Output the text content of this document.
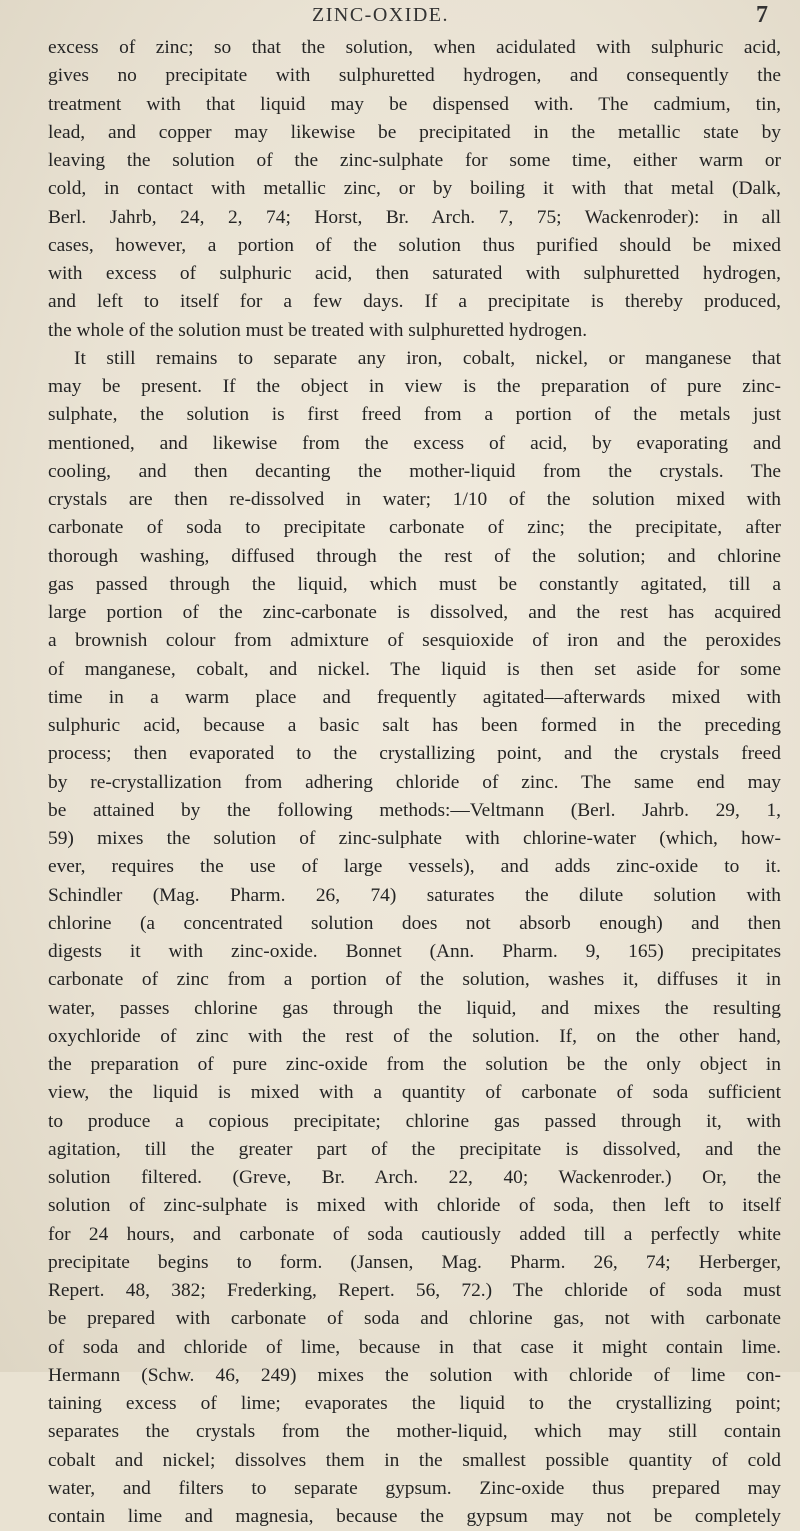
ZINC-OXIDE.	7
excess of zinc; so that the solution, when acidulated with sulphuric acid,
gives no precipitate with sulphuretted hydrogen, and consequently the
treatment with that liquid may be dispensed with. The cadmium, tin,
lead, and copper may likewise be precipitated in the metallic state by
leaving the solution of the zinc-sulphate for some time, either warm or
cold, in contact with metallic zinc, or by boiling it with that metal (Dalk,
Berl. Jahrb, 24, 2, 74; Horst, Br. Arch. 7, 75; Wackenroder): in all
cases, however, a portion of the solution thus purified should be mixed
with excess of sulphuric acid, then saturated with sulphuretted hydrogen,
and left to itself for a few days. If a precipitate is thereby produced,
the whole of the solution must be treated with sulphuretted hydrogen.
It still remains to separate any iron, cobalt, nickel, or manganese that
may be present. If the object in view is the preparation of pure zinc-
sulphate, the solution is first freed from a portion of the metals just
mentioned, and likewise from the excess of acid, by evaporating and
cooling, and then decanting the mother-liquid from the crystals. The
crystals are then re-dissolved in water; 1/10 of the solution mixed with
carbonate of soda to precipitate carbonate of zinc; the precipitate, after
thorough washing, diffused through the rest of the solution; and chlorine
gas passed through the liquid, which must be constantly agitated, till a
large portion of the zinc-carbonate is dissolved, and the rest has acquired
a brownish colour from admixture of sesquioxide of iron and the peroxides
of manganese, cobalt, and nickel. The liquid is then set aside for some
time in a warm place and frequently agitated—afterwards mixed with
sulphuric acid, because a basic salt has been formed in the preceding
process; then evaporated to the crystallizing point, and the crystals freed
by re-crystallization from adhering chloride of zinc. The same end may
be attained by the following methods:—Veltmann (Berl. Jahrb. 29, 1,
59) mixes the solution of zinc-sulphate with chlorine-water (which, how-
ever, requires the use of large vessels), and adds zinc-oxide to it.
Schindler (Mag. Pharm. 26, 74) saturates the dilute solution with
chlorine (a concentrated solution does not absorb enough) and then
digests it with zinc-oxide. Bonnet (Ann. Pharm. 9, 165) precipitates
carbonate of zinc from a portion of the solution, washes it, diffuses it in
water, passes chlorine gas through the liquid, and mixes the resulting
oxychloride of zinc with the rest of the solution. If, on the other hand,
the preparation of pure zinc-oxide from the solution be the only object in
view, the liquid is mixed with a quantity of carbonate of soda sufficient
to produce a copious precipitate; chlorine gas passed through it, with
agitation, till the greater part of the precipitate is dissolved, and the
solution filtered. (Greve, Br. Arch. 22, 40; Wackenroder.) Or, the
solution of zinc-sulphate is mixed with chloride of soda, then left to itself
for 24 hours, and carbonate of soda cautiously added till a perfectly white
precipitate begins to form. (Jansen, Mag. Pharm. 26, 74; Herberger,
Repert. 48, 382; Frederking, Repert. 56, 72.) The chloride of soda must
be prepared with carbonate of soda and chlorine gas, not with carbonate
of soda and chloride of lime, because in that case it might contain lime.
Hermann (Schw. 46, 249) mixes the solution with chloride of lime con-
taining excess of lime; evaporates the liquid to the crystallizing point;
separates the crystals from the mother-liquid, which may still contain
cobalt and nickel; dissolves them in the smallest possible quantity of cold
water, and filters to separate gypsum. Zinc-oxide thus prepared may
contain lime and magnesia, because the gypsum may not be completely
